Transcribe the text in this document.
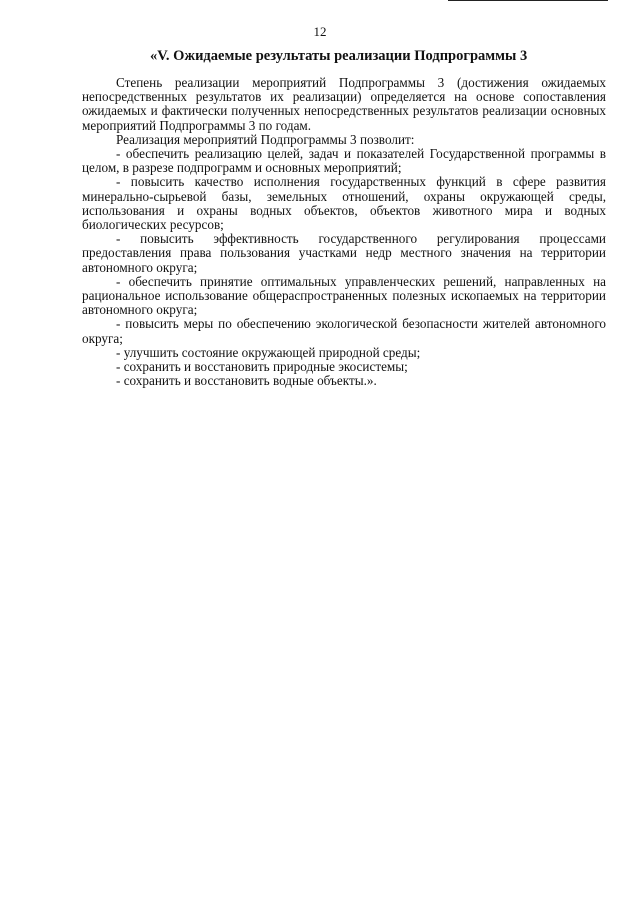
12

«V. Ожидаемые результаты реализации Подпрограммы 3

Степень реализации мероприятий Подпрограммы 3 (достижения ожидаемых непосредственных результатов их реализации) определяется на основе сопоставления ожидаемых и фактически полученных непосредственных результатов реализации основных мероприятий Подпрограммы 3 по годам.

Реализация мероприятий Подпрограммы 3 позволит:

- обеспечить реализацию целей, задач и показателей Государственной программы в целом, в разрезе подпрограмм и основных мероприятий;

- повысить качество исполнения государственных функций в сфере развития минерально-сырьевой базы, земельных отношений, охраны окружающей среды, использования и охраны водных объектов, объектов животного мира и водных биологических ресурсов;

- повысить эффективность государственного регулирования процессами предоставления права пользования участками недр местного значения на территории автономного округа;

- обеспечить принятие оптимальных управленческих решений, направленных на рациональное использование общераспространенных полезных ископаемых на территории автономного округа;

- повысить меры по обеспечению экологической безопасности жителей автономного округа;

- улучшить состояние окружающей природной среды;

- сохранить и восстановить природные экосистемы;

- сохранить и восстановить водные объекты.».
